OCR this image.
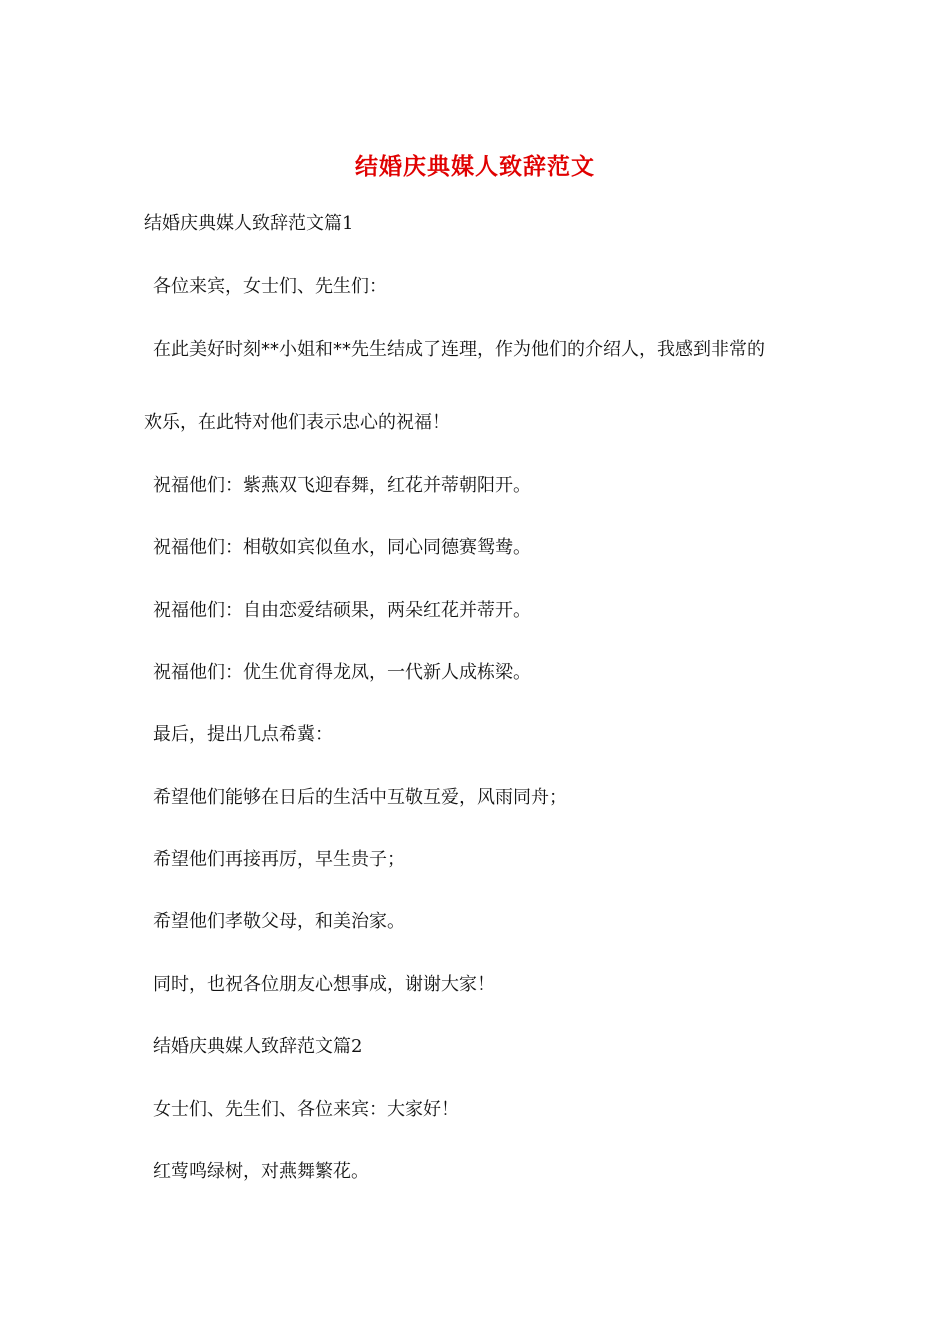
结婚庆典媒人致辞范文
结婚庆典媒人致辞范文篇1
各位来宾，女士们、先生们：
在此美好时刻**小姐和**先生结成了连理，作为他们的介绍人，我感到非常的
欢乐，在此特对他们表示忠心的祝福！
祝福他们：紫燕双飞迎春舞，红花并蒂朝阳开。
祝福他们：相敬如宾似鱼水，同心同德赛鸳鸯。
祝福他们：自由恋爱结硕果，两朵红花并蒂开。
祝福他们：优生优育得龙凤，一代新人成栋梁。
最后，提出几点希冀：
希望他们能够在日后的生活中互敬互爱，风雨同舟；
希望他们再接再厉，早生贵子；
希望他们孝敬父母，和美治家。
同时，也祝各位朋友心想事成，谢谢大家！
结婚庆典媒人致辞范文篇2
女士们、先生们、各位来宾：大家好！
红莺鸣绿树，对燕舞繁花。
